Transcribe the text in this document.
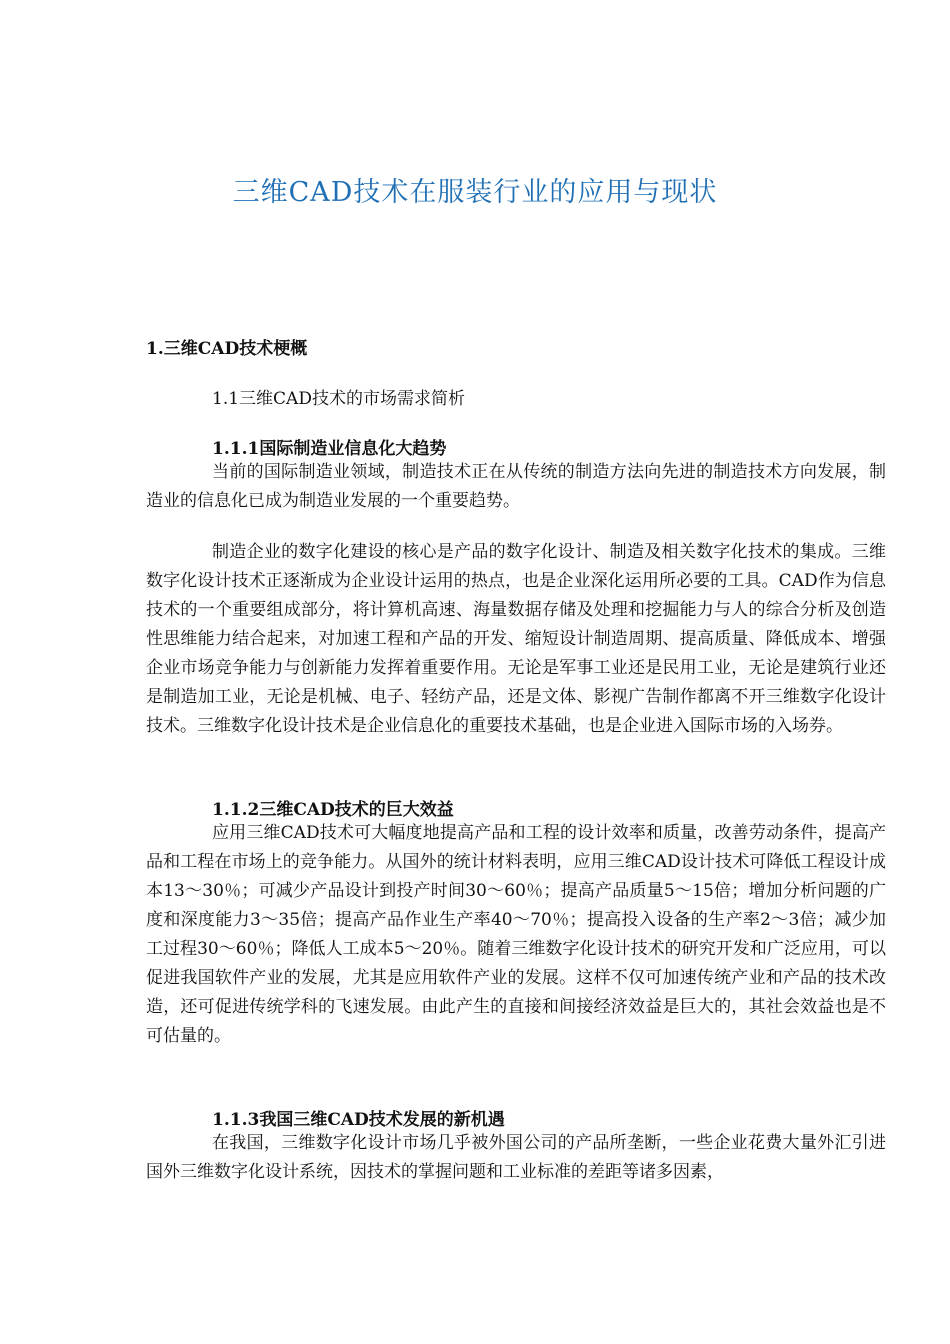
三维CAD技术在服装行业的应用与现状
1.三维CAD技术梗概
1.1三维CAD技术的市场需求简析
1.1.1国际制造业信息化大趋势

当前的国际制造业领域，制造技术正在从传统的制造方法向先进的制造技术方向发展，制造业的信息化已成为制造业发展的一个重要趋势。

制造企业的数字化建设的核心是产品的数字化设计、制造及相关数字化技术的集成。三维数字化设计技术正逐渐成为企业设计运用的热点，也是企业深化运用所必要的工具。CAD作为信息技术的一个重要组成部分，将计算机高速、海量数据存储及处理和挖掘能力与人的综合分析及创造性思维能力结合起来，对加速工程和产品的开发、缩短设计制造周期、提高质量、降低成本、增强企业市场竞争能力与创新能力发挥着重要作用。无论是军事工业还是民用工业，无论是建筑行业还是制造加工业，无论是机械、电子、轻纺产品，还是文体、影视广告制作都离不开三维数字化设计技术。三维数字化设计技术是企业信息化的重要技术基础，也是企业进入国际市场的入场券。

1.1.2三维CAD技术的巨大效益

应用三维CAD技术可大幅度地提高产品和工程的设计效率和质量，改善劳动条件，提高产品和工程在市场上的竞争能力。从国外的统计材料表明，应用三维CAD设计技术可降低工程设计成本13～30％；可减少产品设计到投产时间30～60％；提高产品质量5～15倍；增加分析问题的广度和深度能力3～35倍；提高产品作业生产率40～70％；提高投入设备的生产率2～3倍；减少加工过程30～60％；降低人工成本5～20％。随着三维数字化设计技术的研究开发和广泛应用，可以促进我国软件产业的发展，尤其是应用软件产业的发展。这样不仅可加速传统产业和产品的技术改造，还可促进传统学科的飞速发展。由此产生的直接和间接经济效益是巨大的，其社会效益也是不可估量的。

1.1.3我国三维CAD技术发展的新机遇

在我国，三维数字化设计市场几乎被外国公司的产品所垄断，一些企业花费大量外汇引进国外三维数字化设计系统，因技术的掌握问题和工业标准的差距等诸多因素，
